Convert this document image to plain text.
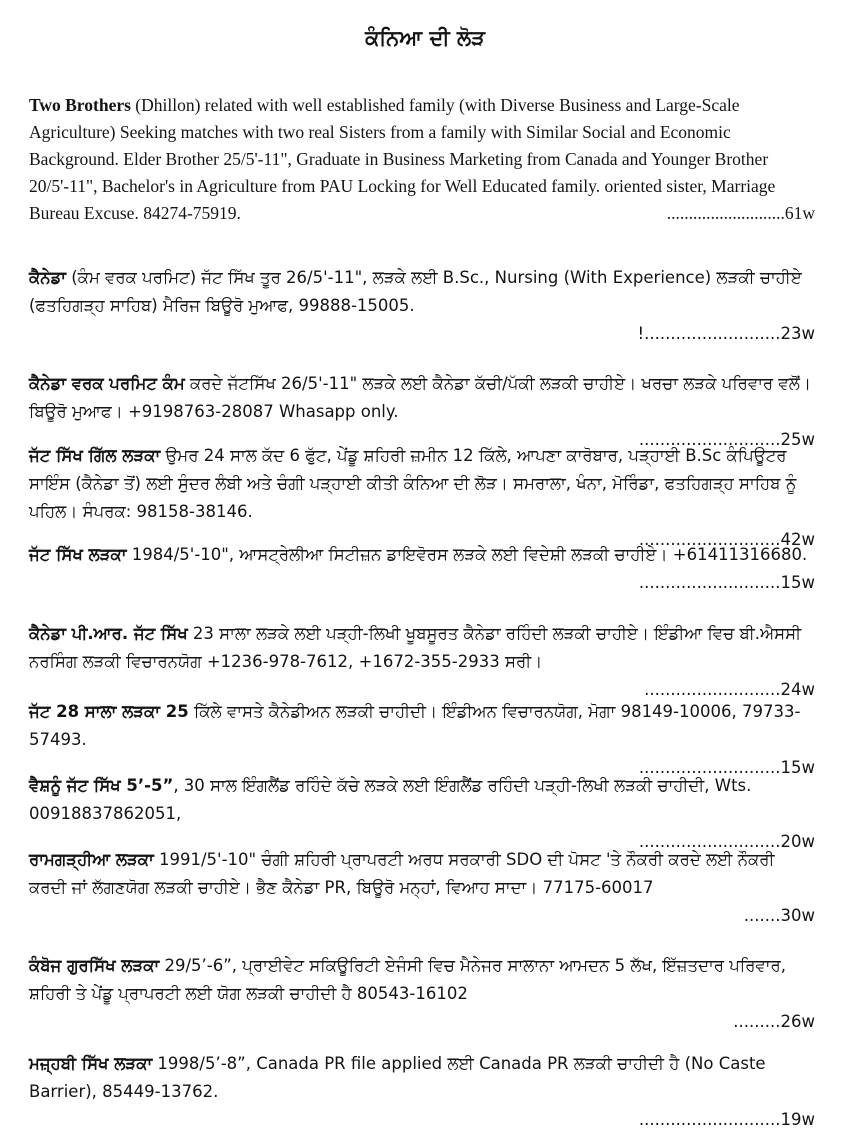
ਕੰਨਿਆ ਦੀ ਲੋੜ

Two Brothers (Dhillon) related with well established family (with Diverse Business and Large-Scale Agriculture) Seeking matches with two real Sisters from a family with Similar Social and Economic Background. Elder Brother 25/5'-11", Graduate in Business Marketing from Canada and Younger Brother 20/5'-11", Bachelor's in Agriculture from PAU Locking for Well Educated family. oriented sister, Marriage Bureau Excuse. 84274-75919.	...........................61w

ਕੈਨੇਡਾ (ਕੰਮ ਵਰਕ ਪਰਮਿਟ) ਜੱਟ ਸਿੱਖ ਤੂਰ 26/5'-11", ਲੜਕੇ ਲਈ B.Sc., Nursing (With Experience) ਲੜਕੀ ਚਾਹੀਏ (ਫਤਹਿਗੜ੍ਹ ਸਾਹਿਬ) ਮੈਰਿਜ ਬਿਊਰੋ ਮੁਆਫ, 99888-15005.

!..........................23w

ਕੈਨੇਡਾ ਵਰਕ ਪਰਮਿਟ ਕੰਮ ਕਰਦੇ ਜੱਟਸਿੱਖ 26/5'-11" ਲੜਕੇ ਲਈ ਕੈਨੇਡਾ ਕੱਚੀ/ਪੱਕੀ ਲੜਕੀ ਚਾਹੀਏ। ਖਰਚਾ ਲੜਕੇ ਪਰਿਵਾਰ ਵਲੋਂ। ਬਿਊਰੋ ਮੁਆਫ। +9198763-28087 Whasapp only.

...........................25w

ਜੱਟ ਸਿੱਖ ਗਿੱਲ ਲੜਕਾ ਉਮਰ 24 ਸਾਲ ਕੱਦ 6 ਫੁੱਟ, ਪੇਂਡੂ ਸ਼ਹਿਰੀ ਜ਼ਮੀਨ 12 ਕਿੱਲੇ, ਆਪਣਾ ਕਾਰੋਬਾਰ, ਪੜ੍ਹਾਈ B.Sc ਕੰਪਿਊਟਰ ਸਾਇੰਸ (ਕੈਨੇਡਾ ਤੋਂ) ਲਈ ਸੁੰਦਰ ਲੰਬੀ ਅਤੇ ਚੰਗੀ ਪੜ੍ਹਾਈ ਕੀਤੀ ਕੰਨਿਆ ਦੀ ਲੋੜ। ਸਮਰਾਲਾ, ਖੰਨਾ, ਮੋਰਿੰਡਾ, ਫਤਹਿਗੜ੍ਹ ਸਾਹਿਬ ਨੂੰ ਪਹਿਲ। ਸੰਪਰਕ: 98158-38146.

...........................42w

ਜੱਟ ਸਿੱਖ ਲੜਕਾ 1984/5'-10", ਆਸਟ੍ਰੇਲੀਆ ਸਿਟੀਜ਼ਨ ਡਾਇਵੋਰਸ ਲੜਕੇ ਲਈ ਵਿਦੇਸ਼ੀ ਲੜਕੀ ਚਾਹੀਏ। +61411316680.

...........................15w

ਕੈਨੇਡਾ ਪੀ.ਆਰ. ਜੱਟ ਸਿੱਖ 23 ਸਾਲਾ ਲੜਕੇ ਲਈ ਪੜ੍ਹੀ-ਲਿਖੀ ਖੂਬਸੂਰਤ ਕੈਨੇਡਾ ਰਹਿੰਦੀ ਲੜਕੀ ਚਾਹੀਏ। ਇੰਡੀਆ ਵਿਚ ਬੀ.ਐਸਸੀ ਨਰਸਿੰਗ ਲੜਕੀ ਵਿਚਾਰਨਯੋਗ +1236-978-7612, +1672-355-2933 ਸਰੀ।

..........................24w

ਜੱਟ 28 ਸਾਲਾ ਲੜਕਾ 25 ਕਿੱਲੇ ਵਾਸਤੇ ਕੈਨੇਡੀਅਨ ਲੜਕੀ ਚਾਹੀਦੀ। ਇੰਡੀਅਨ ਵਿਚਾਰਨਯੋਗ, ਮੋਗਾ 98149-10006, 79733-57493.

...........................15w

ਵੈਸ਼ਨੂੰ ਜੱਟ ਸਿੱਖ 5’-5”, 30 ਸਾਲ ਇੰਗਲੈਂਡ ਰਹਿੰਦੇ ਕੱਚੇ ਲੜਕੇ ਲਈ ਇੰਗਲੈਂਡ ਰਹਿੰਦੀ ਪੜ੍ਹੀ-ਲਿਖੀ ਲੜਕੀ ਚਾਹੀਦੀ, Wts. 00918837862051,

...........................20w

ਰਾਮਗੜ੍ਹੀਆ ਲੜਕਾ 1991/5'-10" ਚੰਗੀ ਸ਼ਹਿਰੀ ਪ੍ਰਾਪਰਟੀ ਅਰਧ ਸਰਕਾਰੀ SDO ਦੀ ਪੋਸਟ 'ਤੇ ਨੌਕਰੀ ਕਰਦੇ ਲਈ ਨੌਕਰੀ ਕਰਦੀ ਜਾਂ ਲੱਗਣਯੋਗ ਲੜਕੀ ਚਾਹੀਏ। ਭੈਣ ਕੈਨੇਡਾ PR, ਬਿਊਰੋ ਮਨ੍ਹਾਂ, ਵਿਆਹ ਸਾਦਾ। 77175-60017

.......30w

ਕੰਬੋਜ ਗੁਰਸਿੱਖ ਲੜਕਾ 29/5’-6”, ਪ੍ਰਾਈਵੇਟ ਸਕਿਊਰਿਟੀ ਏਜੰਸੀ ਵਿਚ ਮੈਨੇਜਰ ਸਾਲਾਨਾ ਆਮਦਨ 5 ਲੱਖ, ਇੱਜ਼ਤਦਾਰ ਪਰਿਵਾਰ, ਸ਼ਹਿਰੀ ਤੇ ਪੇਂਡੂ ਪ੍ਰਾਪਰਟੀ ਲਈ ਯੋਗ ਲੜਕੀ ਚਾਹੀਦੀ ਹੈ 80543-16102

.........26w

ਮਜ਼੍ਹਬੀ ਸਿੱਖ ਲੜਕਾ 1998/5’-8”, Canada PR file applied ਲਈ Canada PR ਲੜਕੀ ਚਾਹੀਦੀ ਹੈ (No Caste Barrier), 85449-13762.

...........................19w
